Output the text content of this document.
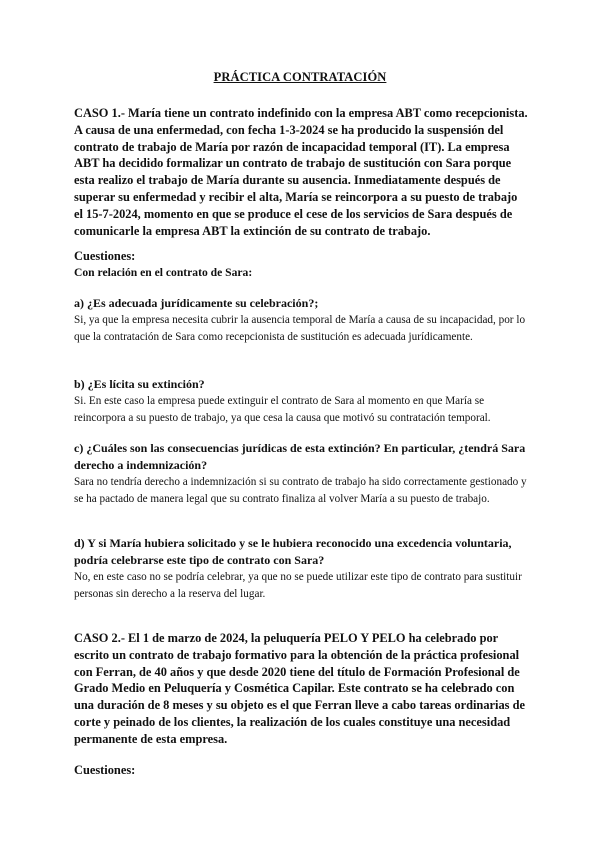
PRÁCTICA CONTRATACIÓN
CASO 1.- María tiene un contrato indefinido con la empresa ABT como recepcionista. A causa de una enfermedad, con fecha 1-3-2024 se ha producido la suspensión del contrato de trabajo de María por razón de incapacidad temporal (IT). La empresa ABT ha decidido formalizar un contrato de trabajo de sustitución con Sara porque esta realizo el trabajo de María durante su ausencia. Inmediatamente después de superar su enfermedad y recibir el alta, María se reincorpora a su puesto de trabajo el 15-7-2024, momento en que se produce el cese de los servicios de Sara después de comunicarle la empresa ABT la extinción de su contrato de trabajo.
Cuestiones:
Con relación en el contrato de Sara:
a) ¿Es adecuada jurídicamente su celebración?;
Si, ya que la empresa necesita cubrir la ausencia temporal de María a causa de su incapacidad, por lo que la contratación de Sara como recepcionista de sustitución es adecuada jurídicamente.
b) ¿Es lícita su extinción?
Si. En este caso la empresa puede extinguir el contrato de Sara al momento en que María se reincorpora a su puesto de trabajo, ya que cesa la causa que motivó su contratación temporal.
c) ¿Cuáles son las consecuencias jurídicas de esta extinción? En particular, ¿tendrá Sara derecho a indemnización?
Sara no tendría derecho a indemnización si su contrato de trabajo ha sido correctamente gestionado y se ha pactado de manera legal que su contrato finaliza al volver María a su puesto de trabajo.
d) Y si María hubiera solicitado y se le hubiera reconocido una excedencia voluntaria, podría celebrarse este tipo de contrato con Sara?
No, en este caso no se podría celebrar, ya que no se puede utilizar este tipo de contrato para sustituir personas sin derecho a la reserva del lugar.
CASO 2.- El 1 de marzo de 2024, la peluquería PELO Y PELO ha celebrado por escrito un contrato de trabajo formativo para la obtención de la práctica profesional con Ferran, de 40 años y que desde 2020 tiene del título de Formación Profesional de Grado Medio en Peluquería y Cosmética Capilar. Este contrato se ha celebrado con una duración de 8 meses y su objeto es el que Ferran lleve a cabo tareas ordinarias de corte y peinado de los clientes, la realización de los cuales constituye una necesidad permanente de esta empresa.
Cuestiones:
